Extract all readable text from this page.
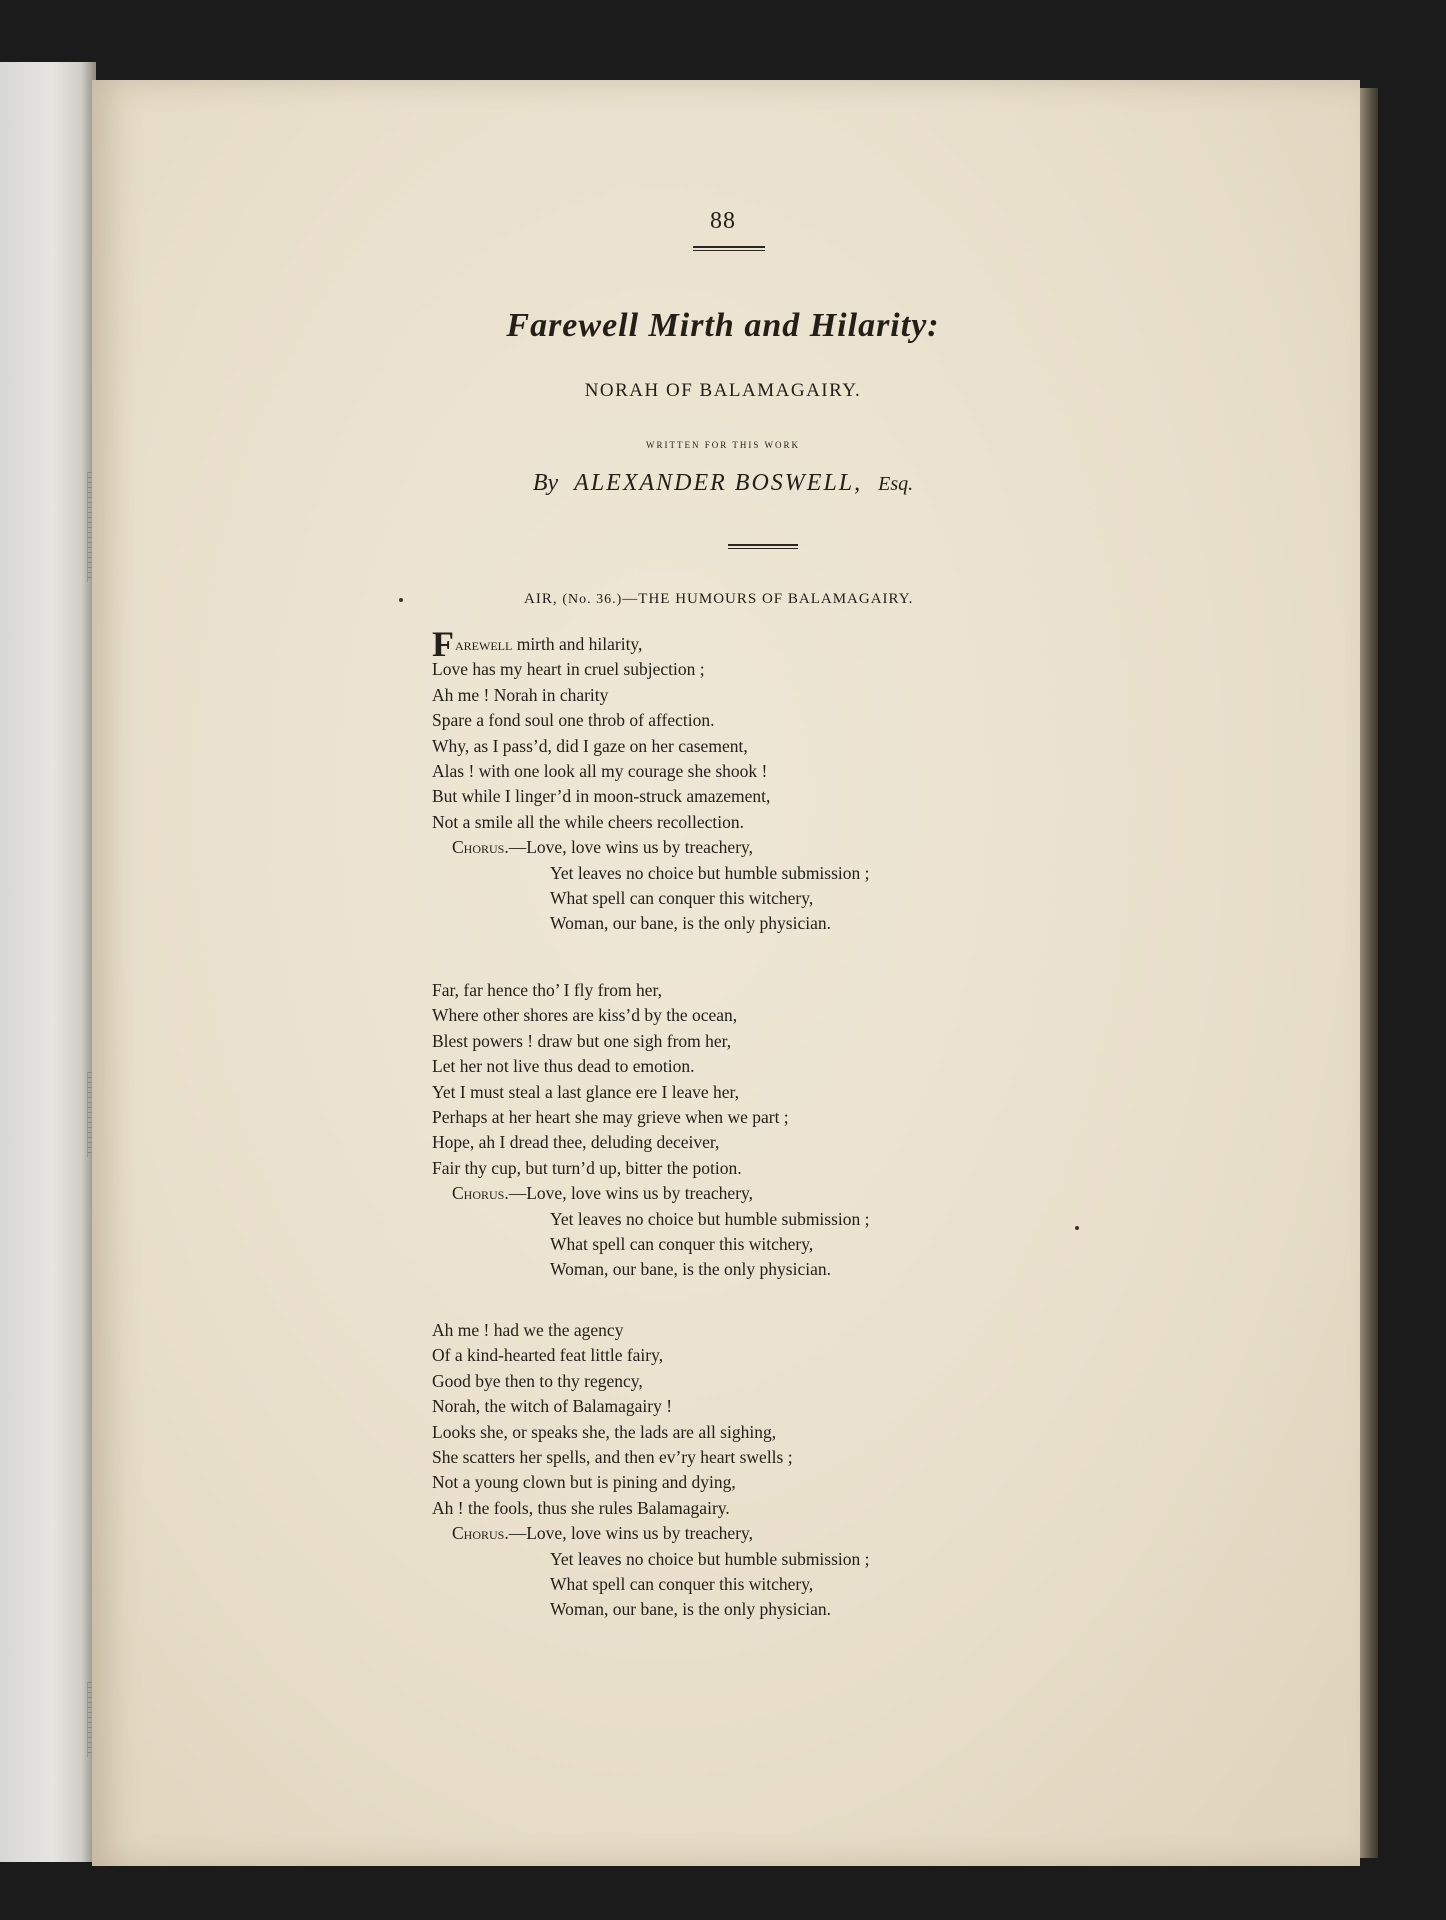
88
Farewell Mirth and Hilarity:
NORAH OF BALAMAGAIRY.
WRITTEN FOR THIS WORK
By ALEXANDER BOSWELL, Esq.
AIR, (No. 36.)—THE HUMOURS OF BALAMAGAIRY.
F arewell mirth and hilarity,
Love has my heart in cruel subjection ;
Ah me ! Norah in charity
Spare a fond soul one throb of affection.
Why, as I pass’d, did I gaze on her casement,
Alas ! with one look all my courage she shook !
But while I linger’d in moon-struck amazement,
Not a smile all the while cheers recollection.
Chorus.—Love, love wins us by treachery,
Yet leaves no choice but humble submission ;
What spell can conquer this witchery,
Woman, our bane, is the only physician.
Far, far hence tho’ I fly from her,
Where other shores are kiss’d by the ocean,
Blest powers ! draw but one sigh from her,
Let her not live thus dead to emotion.
Yet I must steal a last glance ere I leave her,
Perhaps at her heart she may grieve when we part ;
Hope, ah I dread thee, deluding deceiver,
Fair thy cup, but turn’d up, bitter the potion.
Chorus.—Love, love wins us by treachery,
Yet leaves no choice but humble submission ;
What spell can conquer this witchery,
Woman, our bane, is the only physician.
Ah me ! had we the agency
Of a kind-hearted feat little fairy,
Good bye then to thy regency,
Norah, the witch of Balamagairy !
Looks she, or speaks she, the lads are all sighing,
She scatters her spells, and then ev’ry heart swells ;
Not a young clown but is pining and dying,
Ah ! the fools, thus she rules Balamagairy.
Chorus.—Love, love wins us by treachery,
Yet leaves no choice but humble submission ;
What spell can conquer this witchery,
Woman, our bane, is the only physician.
